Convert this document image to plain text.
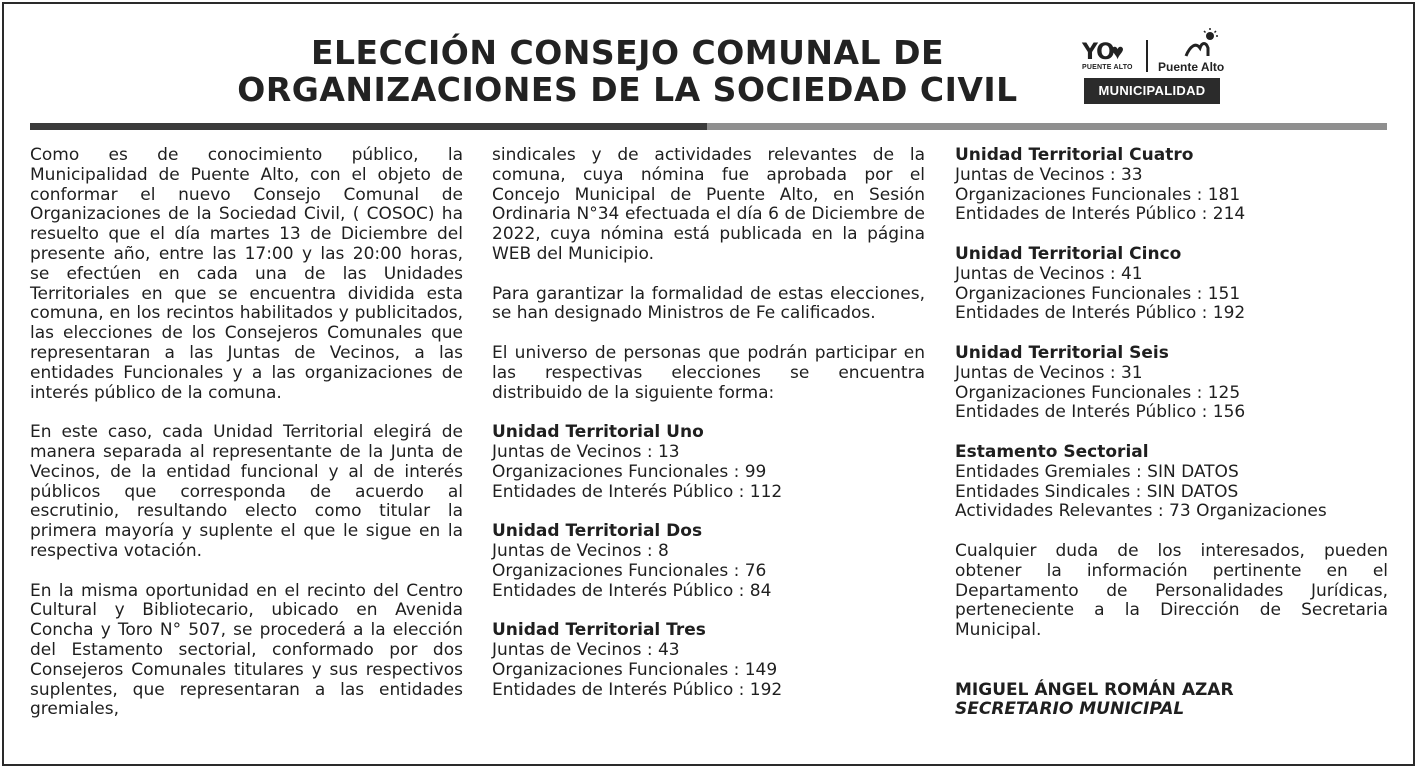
ELECCIÓN CONSEJO COMUNAL DE
ORGANIZACIONES DE LA SOCIEDAD CIVIL
YO
♥
PUENTE ALTO Puente Alto
MUNICIPALIDAD

Como es de conocimiento público, la Municipalidad de Puente Alto, con el objeto de conformar el nuevo Consejo Comunal de Organizaciones de la Sociedad Civil, ( COSOC) ha resuelto que el día martes 13 de Diciembre del presente año, entre las 17:00 y las 20:00 horas, se efectúen en cada una de las Unidades Territoriales en que se encuentra dividida esta comuna, en los recintos habilitados y publicitados, las elecciones de los Consejeros Comunales que representaran a las Juntas de Vecinos, a las entidades Funcionales y a las organizaciones de interés público de la comuna.

En este caso, cada Unidad Territorial elegirá de manera separada al representante de la Junta de Vecinos, de la entidad funcional y al de interés públicos que corresponda de acuerdo al escrutinio, resultando electo como titular la primera mayoría y suplente el que le sigue en la respectiva votación.

En la misma oportunidad en el recinto del Centro Cultural y Bibliotecario, ubicado en Avenida Concha y Toro N° 507, se procederá a la elección del Estamento sectorial, conformado por dos Consejeros Comunales titulares y sus respectivos suplentes, que representaran a las entidades gremiales,

sindicales y de actividades relevantes de la comuna, cuya nómina fue aprobada por el Concejo Municipal de Puente Alto, en Sesión Ordinaria N°34 efectuada el día 6 de Diciembre de 2022, cuya nómina está publicada en la página WEB del Municipio.

Para garantizar la formalidad de estas elecciones, se han designado Ministros de Fe calificados.

El universo de personas que podrán participar en las respectivas elecciones se encuentra distribuido de la siguiente forma:

Unidad Territorial Uno
Juntas de Vecinos : 13
Organizaciones Funcionales : 99
Entidades de Interés Público : 112
Unidad Territorial Dos
Juntas de Vecinos : 8
Organizaciones Funcionales : 76
Entidades de Interés Público : 84
Unidad Territorial Tres
Juntas de Vecinos : 43
Organizaciones Funcionales : 149
Entidades de Interés Público : 192
Unidad Territorial Cuatro
Juntas de Vecinos : 33
Organizaciones Funcionales : 181
Entidades de Interés Público : 214
Unidad Territorial Cinco
Juntas de Vecinos : 41
Organizaciones Funcionales : 151
Entidades de Interés Público : 192
Unidad Territorial Seis
Juntas de Vecinos : 31
Organizaciones Funcionales : 125
Entidades de Interés Público : 156
Estamento Sectorial
Entidades Gremiales : SIN DATOS
Entidades Sindicales : SIN DATOS
Actividades Relevantes : 73 Organizaciones

Cualquier duda de los interesados, pueden obtener la información pertinente en el Departamento de Personalidades Jurídicas, perteneciente a la Dirección de Secretaria Municipal.

MIGUEL ÁNGEL ROMÁN AZAR
SECRETARIO MUNICIPAL
